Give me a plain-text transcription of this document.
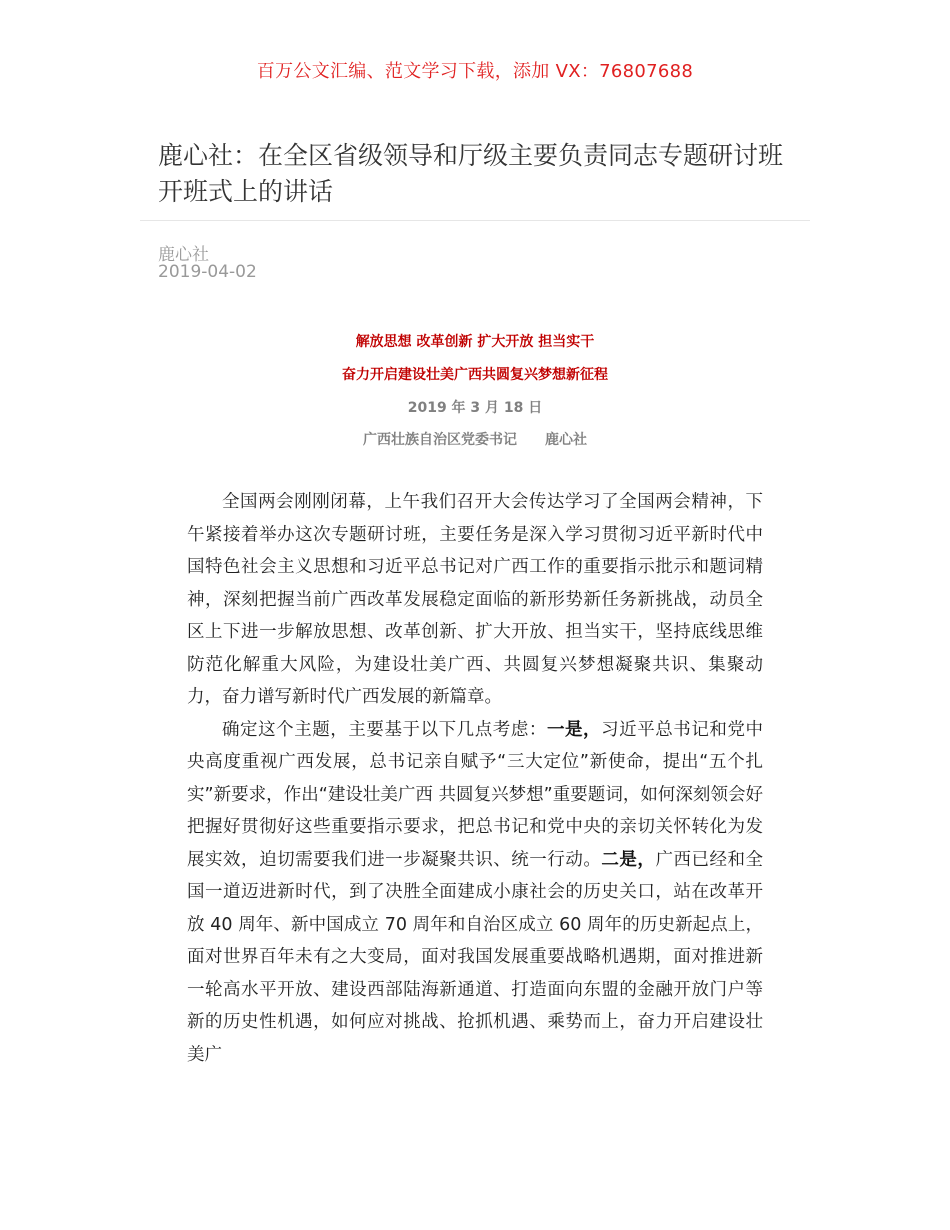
百万公文汇编、范文学习下载，添加 VX：76807688
鹿心社：在全区省级领导和厅级主要负责同志专题研讨班开班式上的讲话
鹿心社
2019-04-02
解放思想 改革创新 扩大开放 担当实干
奋力开启建设壮美广西共圆复兴梦想新征程
2019 年 3 月 18 日
广西壮族自治区党委书记 鹿心社

全国两会刚刚闭幕，上午我们召开大会传达学习了全国两会精神，下午紧接着举办这次专题研讨班，主要任务是深入学习贯彻习近平新时代中国特色社会主义思想和习近平总书记对广西工作的重要指示批示和题词精神，深刻把握当前广西改革发展稳定面临的新形势新任务新挑战，动员全区上下进一步解放思想、改革创新、扩大开放、担当实干，坚持底线思维防范化解重大风险，为建设壮美广西、共圆复兴梦想凝聚共识、集聚动力，奋力谱写新时代广西发展的新篇章。

确定这个主题，主要基于以下几点考虑：一是，习近平总书记和党中央高度重视广西发展，总书记亲自赋予“三大定位”新使命，提出“五个扎实”新要求，作出“建设壮美广西 共圆复兴梦想”重要题词，如何深刻领会好把握好贯彻好这些重要指示要求，把总书记和党中央的亲切关怀转化为发展实效，迫切需要我们进一步凝聚共识、统一行动。二是，广西已经和全国一道迈进新时代，到了决胜全面建成小康社会的历史关口，站在改革开放 40 周年、新中国成立 70 周年和自治区成立 60 周年的历史新起点上，面对世界百年未有之大变局，面对我国发展重要战略机遇期，面对推进新一轮高水平开放、建设西部陆海新通道、打造面向东盟的金融开放门户等新的历史性机遇，如何应对挑战、抢抓机遇、乘势而上，奋力开启建设壮美广
